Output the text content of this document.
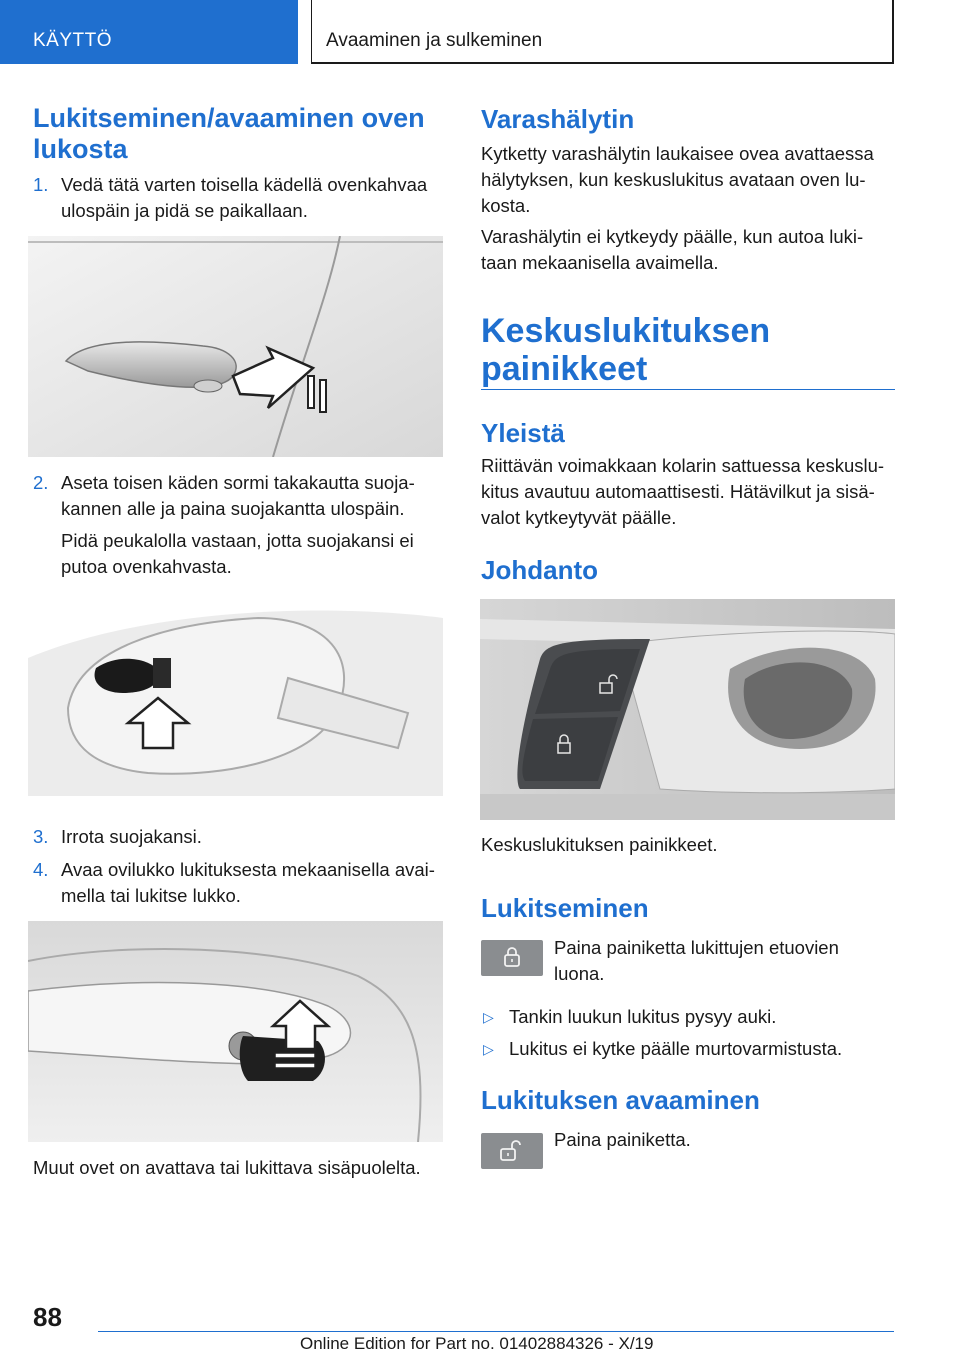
KÄYTTÖ	Avaaminen ja sulkeminen
Lukitseminen/avaaminen oven
lukosta
1. Vedä tätä varten toisella kädellä ovenkahvaa
ulospäin ja pidä se paikallaan.
2. Aseta toisen käden sormi takakautta suoja-
kannen alle ja paina suojakantta ulospäin.
Pidä peukalolla vastaan, jotta suojakansi ei
putoa ovenkahvasta.
3. Irrota suojakansi.
4. Avaa ovilukko lukituksesta mekaanisella avai-
mella tai lukitse lukko.
Muut ovet on avattava tai lukittava sisäpuolelta.
Varashälytin
Kytketty varashälytin laukaisee ovea avattaessa
hälytyksen, kun keskuslukitus avataan oven lu-
kosta.
Varashälytin ei kytkeydy päälle, kun autoa luki-
taan mekaanisella avaimella.
Keskuslukituksen
painikkeet
Yleistä
Riittävän voimakkaan kolarin sattuessa keskuslu-
kitus avautuu automaattisesti. Hätävilkut ja sisä-
valot kytkeytyvät päälle.
Johdanto
Keskuslukituksen painikkeet.
Lukitseminen
Paina painiketta lukittujen etuovien
luona.
▷ Tankin luukun lukitus pysyy auki.
▷ Lukitus ei kytke päälle murtovarmistusta.
Lukituksen avaaminen
Paina painiketta.
88
Online Edition for Part no. 01402884326 - X/19
